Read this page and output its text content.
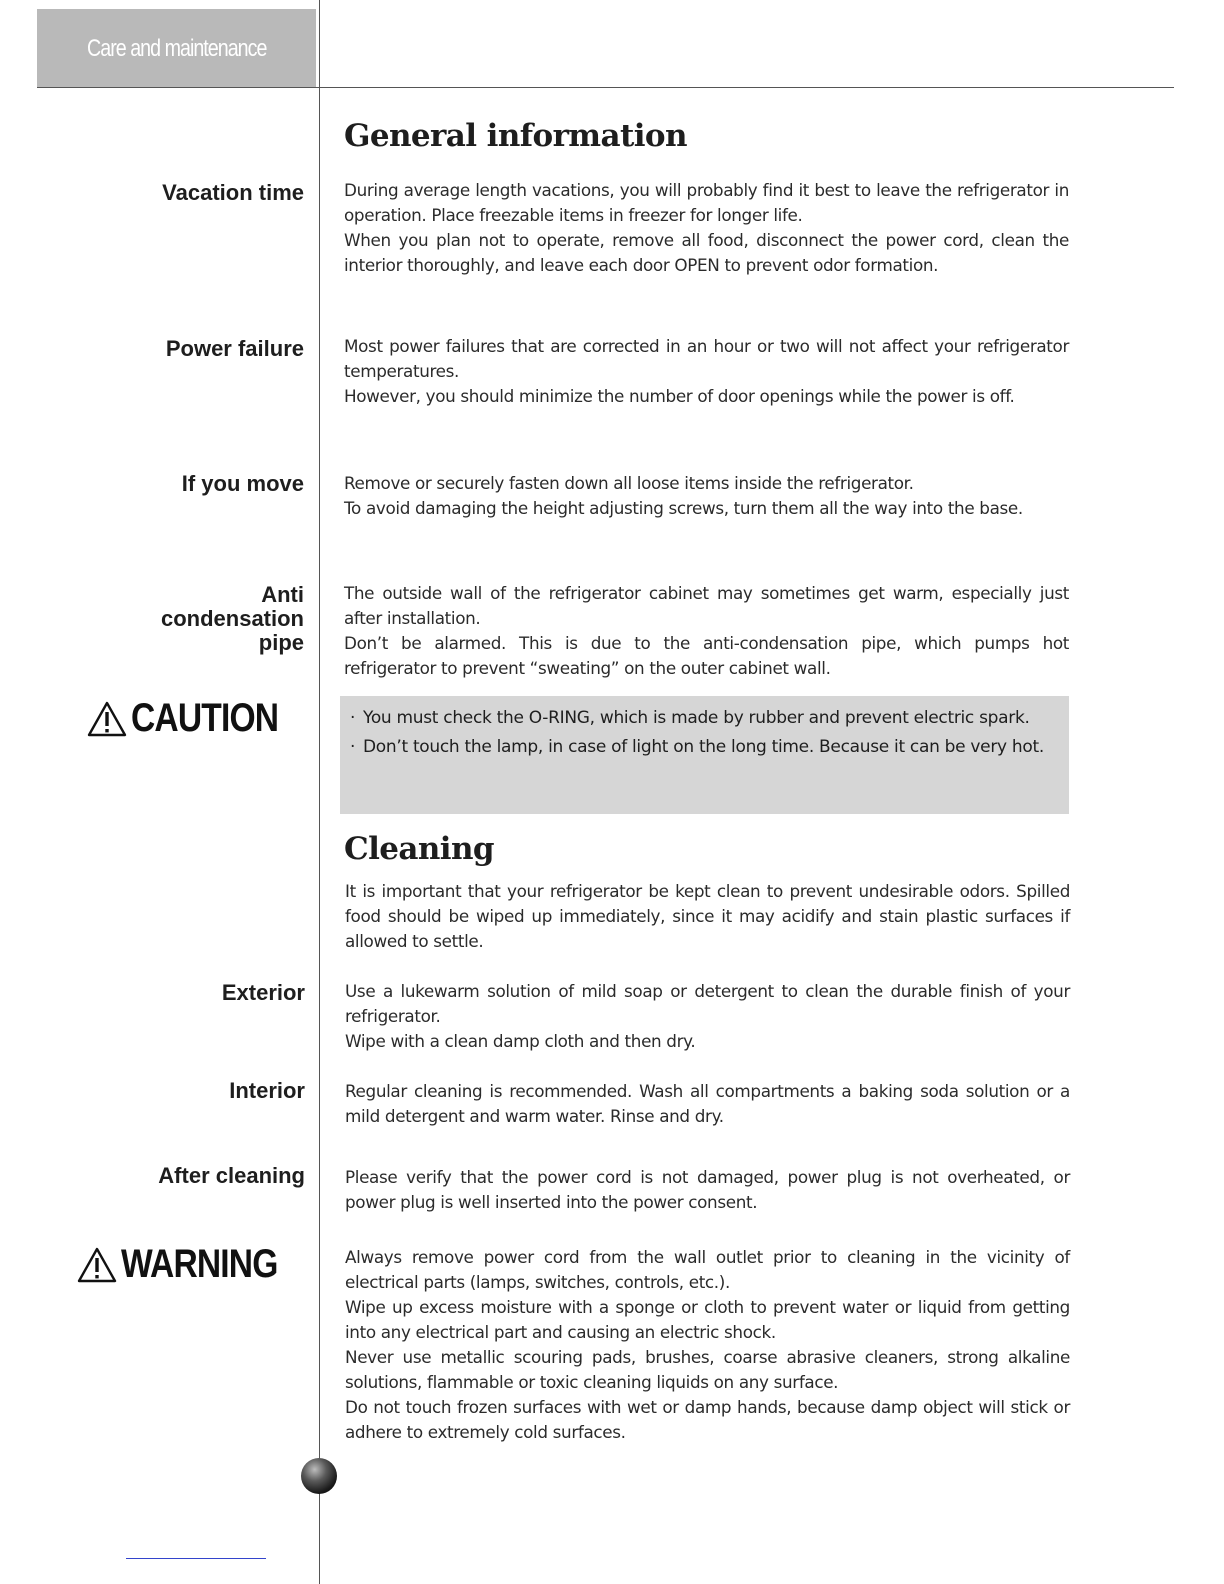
Care and maintenance
General information
Vacation time During average length vacations, you will probably find it best to leave the refrigerator in operation. Place freezable items in freezer for longer life.

When you plan not to operate, remove all food, disconnect the power cord, clean the interior thoroughly, and leave each door OPEN to prevent odor formation.

Power failure Most power failures that are corrected in an hour or two will not affect your refrigerator temperatures.

However, you should minimize the number of door openings while the power is off.

If you move Remove or securely fasten down all loose items inside the refrigerator.

To avoid damaging the height adjusting screws, turn them all the way into the base.

Anti
condensation
pipe

The outside wall of the refrigerator cabinet may sometimes get warm, especially just after installation.

Don’t be alarmed. This is due to the anti-condensation pipe, which pumps hot refrigerator to prevent “sweating” on the outer cabinet wall.

CAUTION	· You must check the O-RING, which is made by rubber and prevent electric spark.
· Don’t touch the lamp, in case of light on the long time. Because it can be very hot.
Cleaning
It is important that your refrigerator be kept clean to prevent undesirable odors. Spilled food should be wiped up immediately, since it may acidify and stain plastic surfaces if allowed to settle.
Exterior Use a lukewarm solution of mild soap or detergent to clean the durable finish of your refrigerator.

Wipe with a clean damp cloth and then dry.

Interior Regular cleaning is recommended. Wash all compartments a baking soda solution or a mild detergent and warm water. Rinse and dry.

After cleaning Please verify that the power cord is not damaged, power plug is not overheated, or power plug is well inserted into the power consent.

WARNING	Always remove power cord from the wall outlet prior to cleaning in the vicinity of electrical parts (lamps, switches, controls, etc.).

Wipe up excess moisture with a sponge or cloth to prevent water or liquid from getting into any electrical part and causing an electric shock.

Never use metallic scouring pads, brushes, coarse abrasive cleaners, strong alkaline solutions, flammable or toxic cleaning liquids on any surface.

Do not touch frozen surfaces with wet or damp hands, because damp object will stick or adhere to extremely cold surfaces.
